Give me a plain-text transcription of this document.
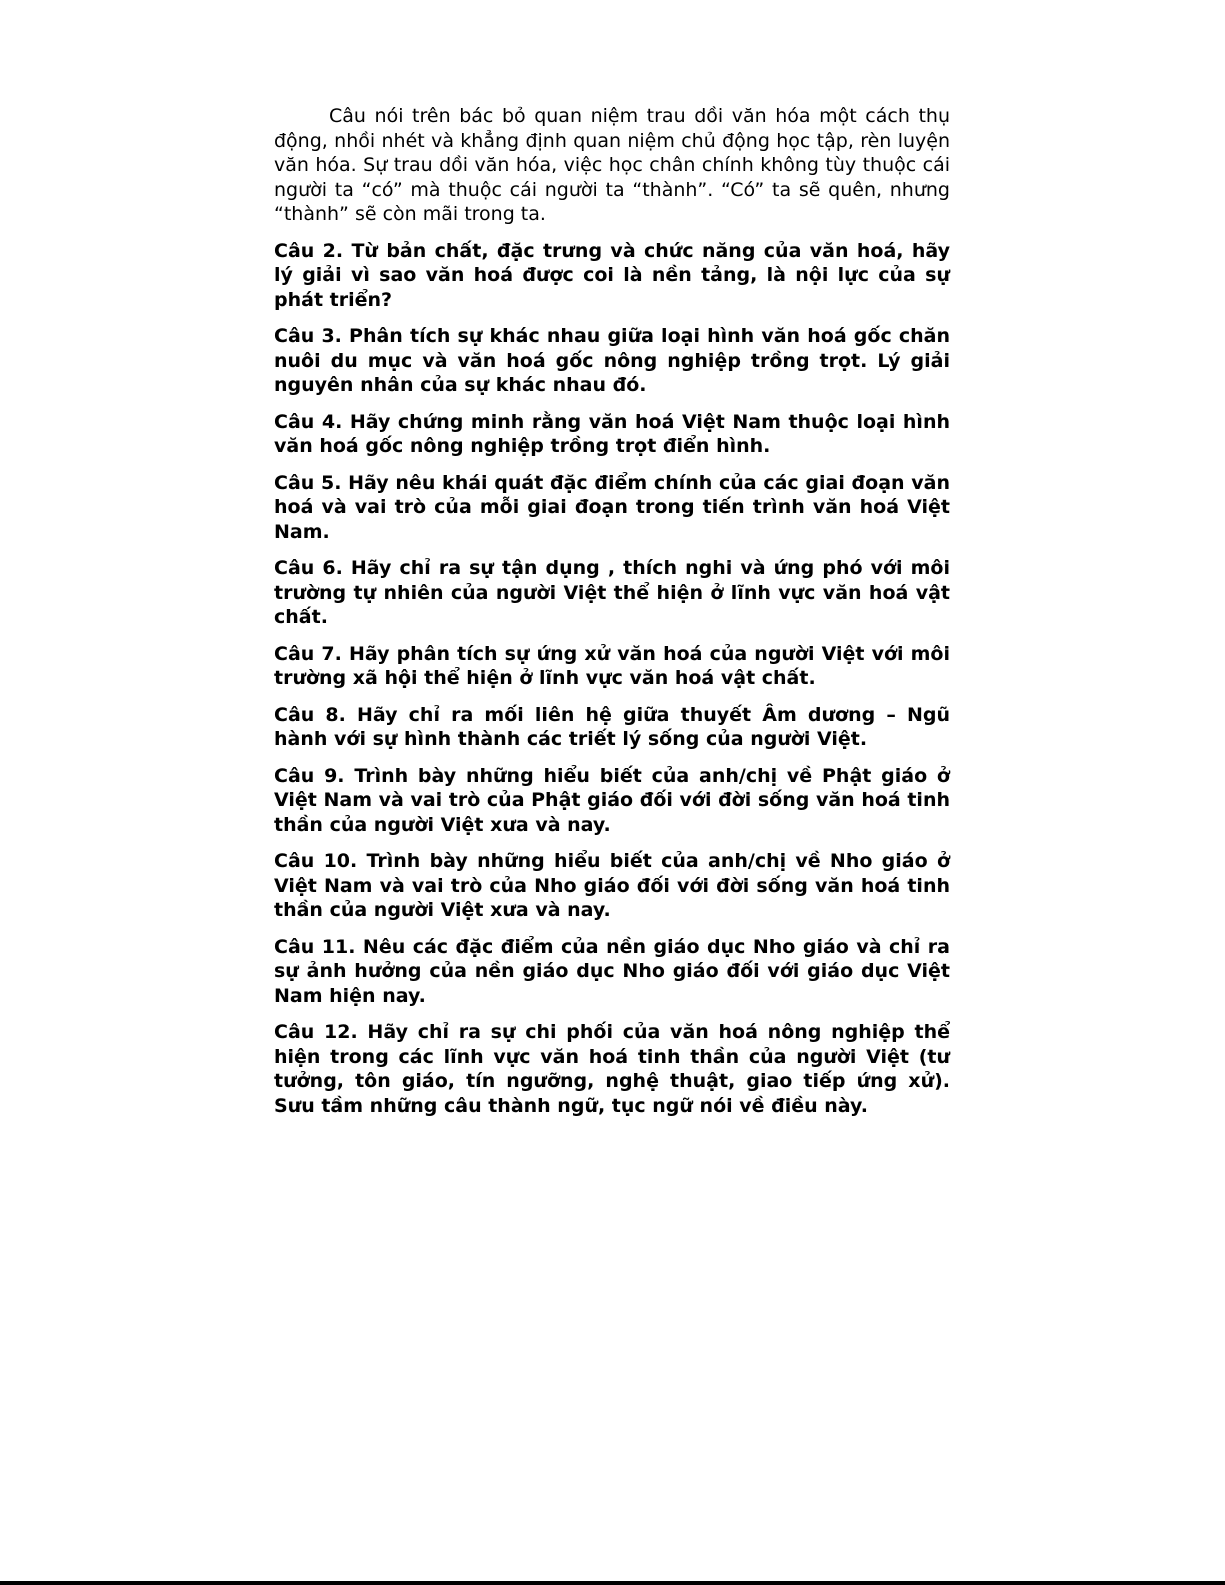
Câu nói trên bác bỏ quan niệm trau dồi văn hóa một cách thụ động, nhồi nhét và khẳng định quan niệm chủ động học tập, rèn luyện văn hóa. Sự trau dồi văn hóa, việc học chân chính không tùy thuộc cái người ta “có” mà thuộc cái người ta “thành”. “Có” ta sẽ quên, nhưng “thành” sẽ còn mãi trong ta.

Câu 2. Từ bản chất, đặc trưng và chức năng của văn hoá, hãy lý giải vì sao văn hoá được coi là nền tảng, là nội lực của sự phát triển?

Câu 3. Phân tích sự khác nhau giữa loại hình văn hoá gốc chăn nuôi du mục và văn hoá gốc nông nghiệp trồng trọt. Lý giải nguyên nhân của sự khác nhau đó.

Câu 4. Hãy chứng minh rằng văn hoá Việt Nam thuộc loại hình văn hoá gốc nông nghiệp trồng trọt điển hình.

Câu 5. Hãy nêu khái quát đặc điểm chính của các giai đoạn văn hoá và vai trò của mỗi giai đoạn trong tiến trình văn hoá Việt Nam.

Câu 6. Hãy chỉ ra sự tận dụng , thích nghi và ứng phó với môi trường tự nhiên của người Việt thể hiện ở lĩnh vực văn hoá vật chất.

Câu 7. Hãy phân tích sự ứng xử văn hoá của người Việt với môi trường xã hội thể hiện ở lĩnh vực văn hoá vật chất.

Câu 8. Hãy chỉ ra mối liên hệ giữa thuyết Âm dương – Ngũ hành với sự hình thành các triết lý sống của người Việt.

Câu 9. Trình bày những hiểu biết của anh/chị về Phật giáo ở Việt Nam và vai trò của Phật giáo đối với đời sống văn hoá tinh thần của người Việt xưa và nay.

Câu 10. Trình bày những hiểu biết của anh/chị về Nho giáo ở Việt Nam và vai trò của Nho giáo đối với đời sống văn hoá tinh thần của người Việt xưa và nay.

Câu 11. Nêu các đặc điểm của nền giáo dục Nho giáo và chỉ ra sự ảnh hưởng của nền giáo dục Nho giáo đối với giáo dục Việt Nam hiện nay.

Câu 12. Hãy chỉ ra sự chi phối của văn hoá nông nghiệp thể hiện trong các lĩnh vực văn hoá tinh thần của người Việt (tư tưởng, tôn giáo, tín ngưỡng, nghệ thuật, giao tiếp ứng xử). Sưu tầm những câu thành ngữ, tục ngữ nói về điều này.
